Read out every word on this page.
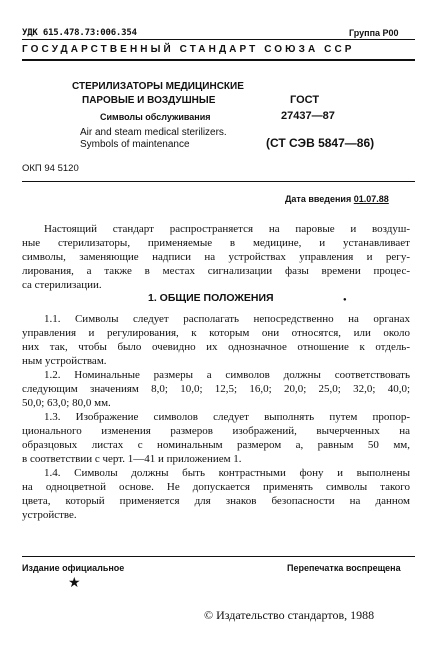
УДК 615.478.73:006.354	Группа Р00
ГОСУДАРСТВЕННЫЙ СТАНДАРТ СОЮЗА ССР
СТЕРИЛИЗАТОРЫ МЕДИЦИНСКИЕ
ПАРОВЫЕ И ВОЗДУШНЫЕ
Символы обслуживания
Air and steam medical sterilizers.
Symbols of maintenance
ГОСТ
27437—87
(СТ СЭВ 5847—86)
ОКП 94 5120
Дата введения 01.07.88
Настоящий стандарт распространяется на паровые и воздуш-
ные стерилизаторы, применяемые в медицине, и устанавливает
символы, заменяющие надписи на устройствах управления и регу-
лирования, а также в местах сигнализации фазы времени процес-
са стерилизации.
1. ОБЩИЕ ПОЛОЖЕНИЯ	●
1.1. Символы следует располагать непосредственно на органах
управления и регулирования, к которым они относятся, или около
них так, чтобы было очевидно их однозначное отношение к отдель-
ным устройствам.
1.2. Номинальные размеры a символов должны соответствовать
следующим значениям 8,0; 10,0; 12,5; 16,0; 20,0; 25,0; 32,0; 40,0;
50,0; 63,0; 80,0 мм.
1.3. Изображение символов следует выполнять путем пропор-
ционального изменения размеров изображений, вычерченных на
образцовых листах с номинальным размером a, равным 50 мм,
в соответствии с черт. 1—41 и приложением 1.
1.4. Символы должны быть контрастными фону и выполнены
на одноцветной основе. Не допускается применять символы такого
цвета, который применяется для знаков безопасности на данном
устройстве.
Издание официальное	Перепечатка воспрещена
★
© Издательство стандартов, 1988
